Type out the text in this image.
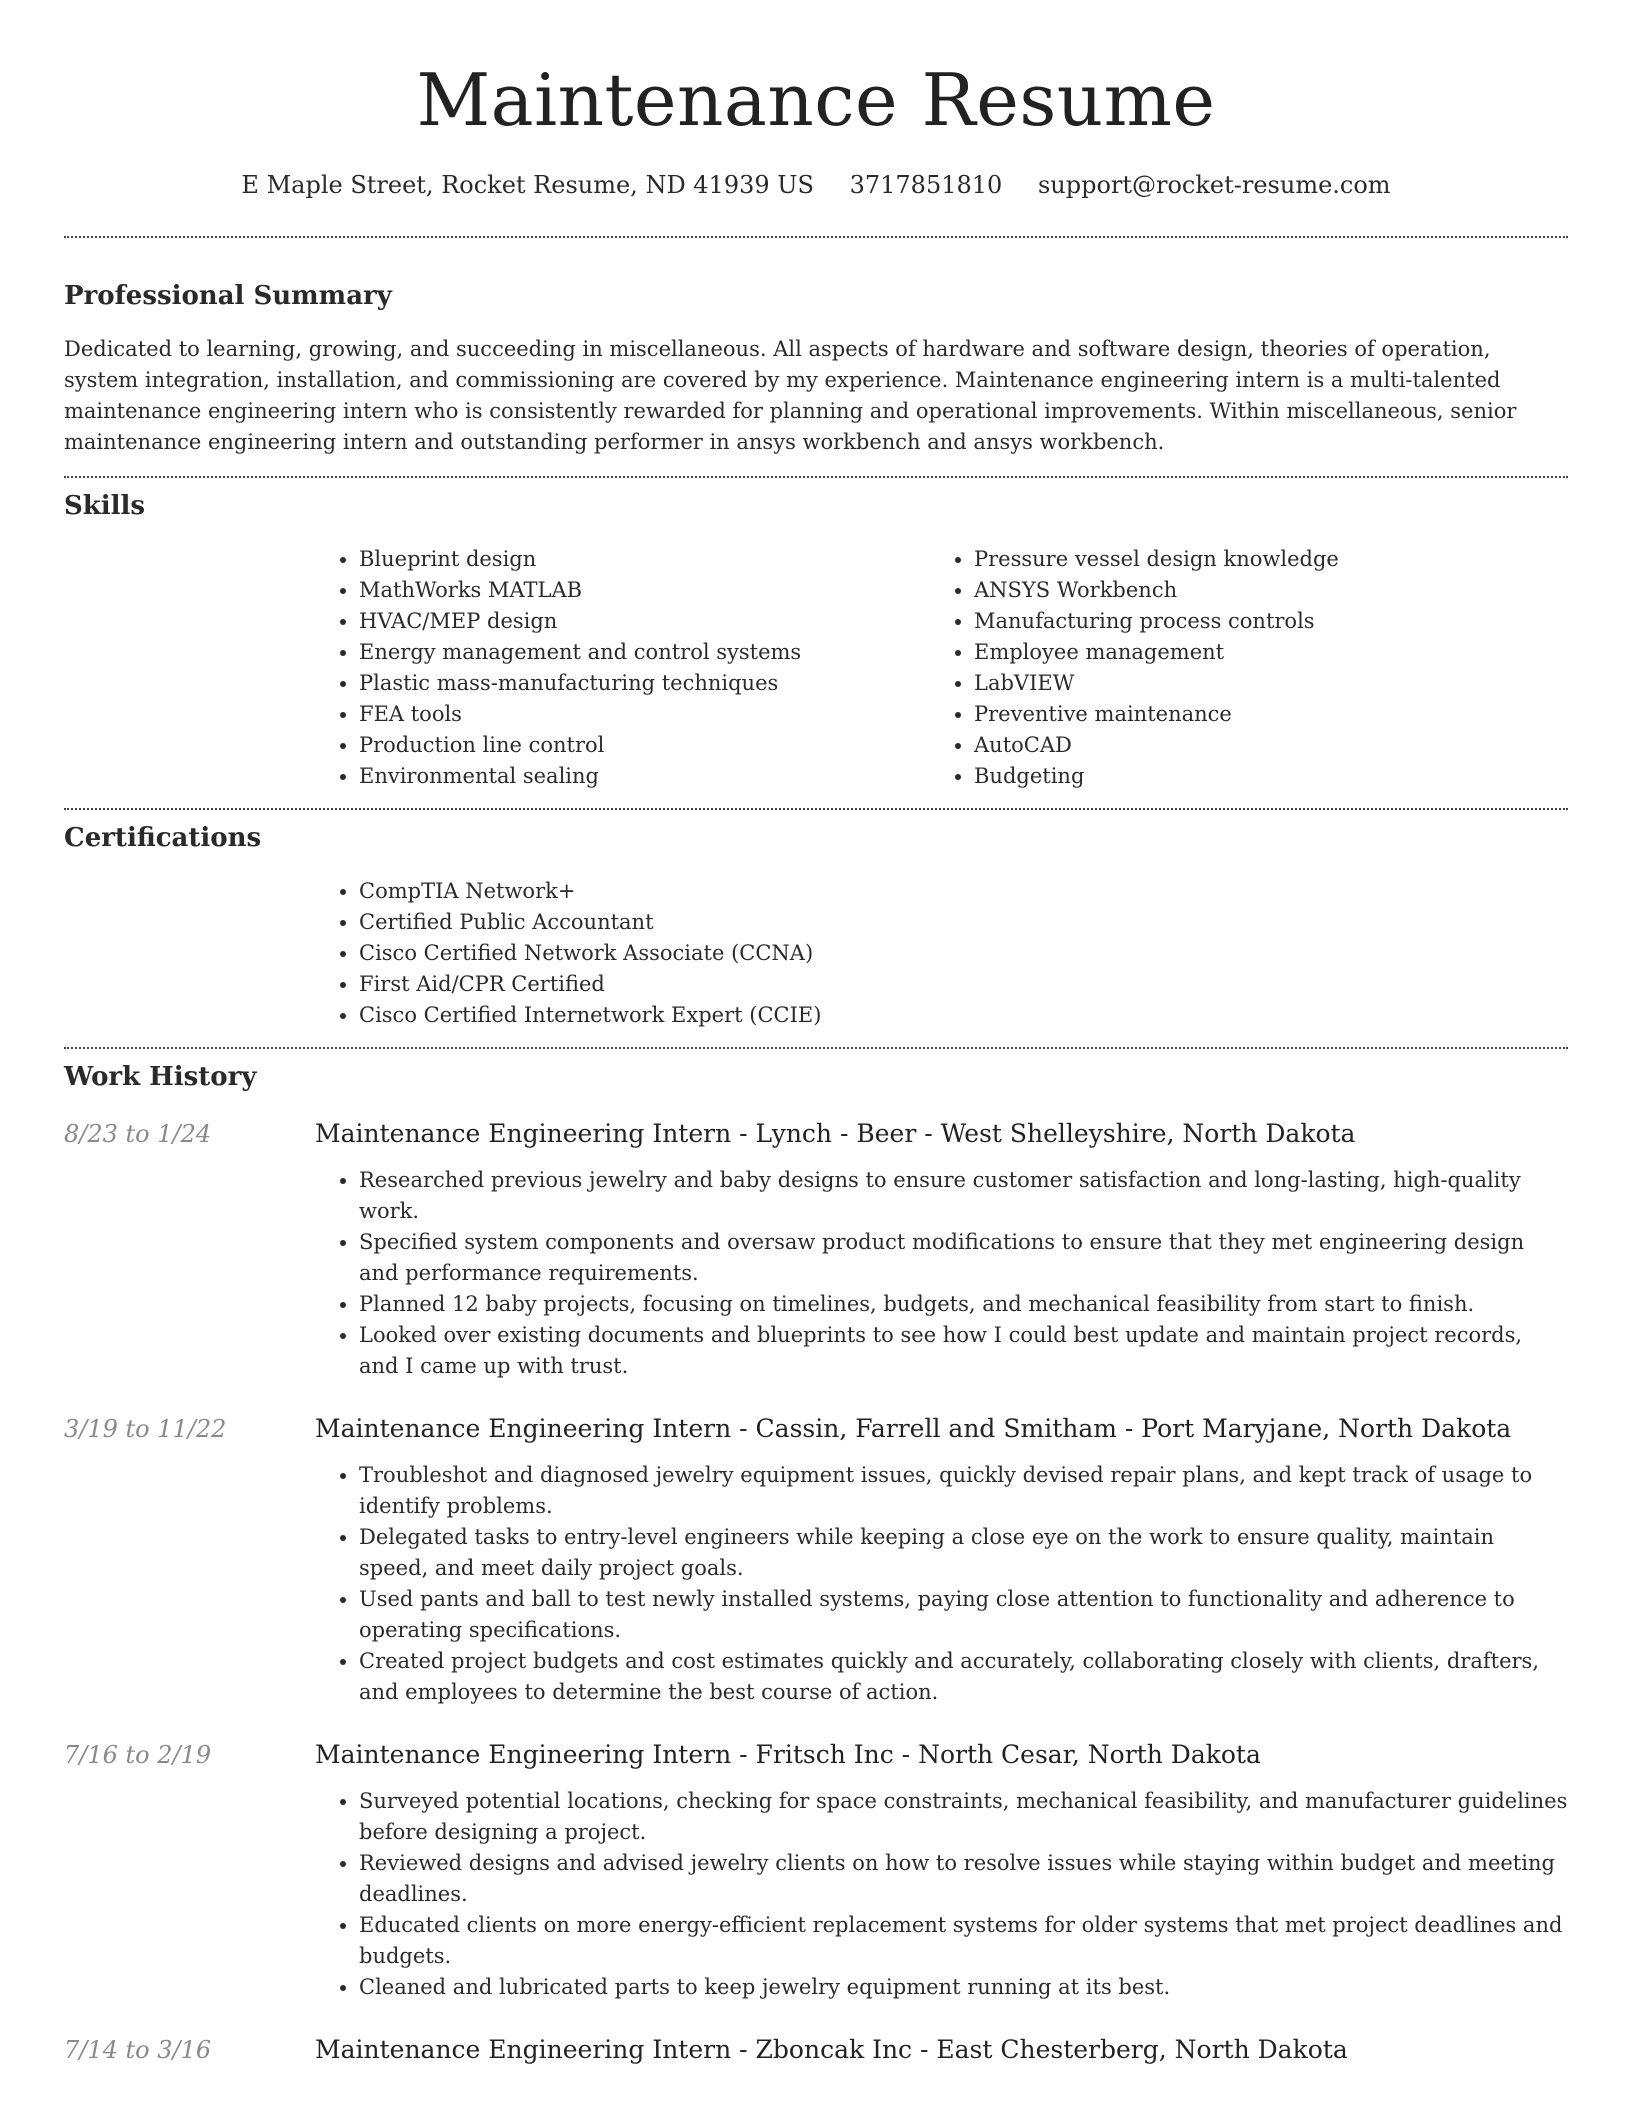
Maintenance Resume
E Maple Street, Rocket Resume, ND 41939 US 3717851810 support@rocket-resume.com
Professional Summary

Dedicated to learning, growing, and succeeding in miscellaneous. All aspects of hardware and software design, theories of operation, system integration, installation, and commissioning are covered by my experience. Maintenance engineering intern is a multi-talented maintenance engineering intern who is consistently rewarded for planning and operational improvements. Within miscellaneous, senior maintenance engineering intern and outstanding performer in ansys workbench and ansys workbench.

Skills
• Blueprint design
• MathWorks MATLAB
• HVAC/MEP design
• Energy management and control systems
• Plastic mass-manufacturing techniques
• FEA tools
• Production line control
• Environmental sealing
• Pressure vessel design knowledge
• ANSYS Workbench
• Manufacturing process controls
• Employee management
• LabVIEW
• Preventive maintenance
• AutoCAD
• Budgeting
Certifications
• CompTIA Network+
• Certified Public Accountant
• Cisco Certified Network Associate (CCNA)
• First Aid/CPR Certified
• Cisco Certified Internetwork Expert (CCIE)
Work History
8/23 to 1/24	Maintenance Engineering Intern - Lynch - Beer - West Shelleyshire, North Dakota
• Researched previous jewelry and baby designs to ensure customer satisfaction and long-lasting, high-quality work.
• Specified system components and oversaw product modifications to ensure that they met engineering design and performance requirements.
• Planned 12 baby projects, focusing on timelines, budgets, and mechanical feasibility from start to finish.
• Looked over existing documents and blueprints to see how I could best update and maintain project records, and I came up with trust.
3/19 to 11/22	Maintenance Engineering Intern - Cassin, Farrell and Smitham - Port Maryjane, North Dakota
• Troubleshot and diagnosed jewelry equipment issues, quickly devised repair plans, and kept track of usage to identify problems.
• Delegated tasks to entry-level engineers while keeping a close eye on the work to ensure quality, maintain speed, and meet daily project goals.
• Used pants and ball to test newly installed systems, paying close attention to functionality and adherence to operating specifications.
• Created project budgets and cost estimates quickly and accurately, collaborating closely with clients, drafters, and employees to determine the best course of action.
7/16 to 2/19	Maintenance Engineering Intern - Fritsch Inc - North Cesar, North Dakota
• Surveyed potential locations, checking for space constraints, mechanical feasibility, and manufacturer guidelines before designing a project.
• Reviewed designs and advised jewelry clients on how to resolve issues while staying within budget and meeting deadlines.
• Educated clients on more energy-efficient replacement systems for older systems that met project deadlines and budgets.
• Cleaned and lubricated parts to keep jewelry equipment running at its best.
7/14 to 3/16	Maintenance Engineering Intern - Zboncak Inc - East Chesterberg, North Dakota
